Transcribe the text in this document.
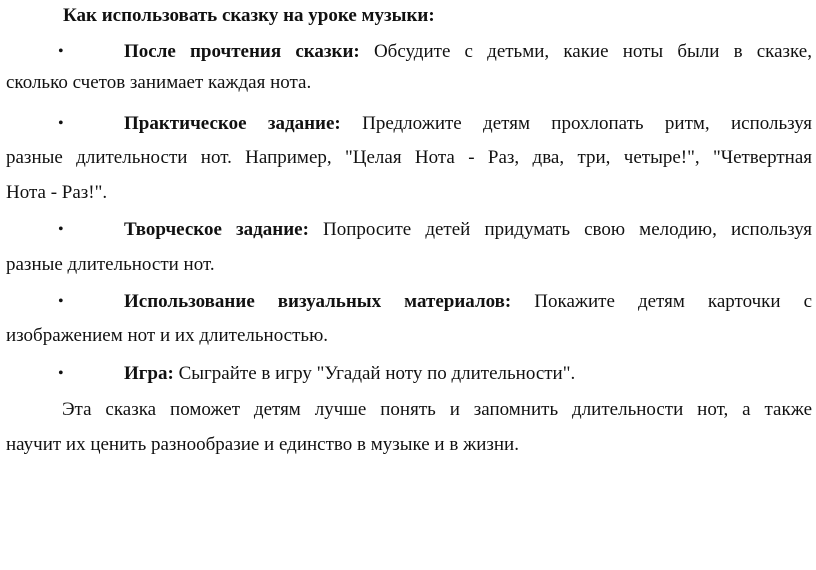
Как использовать сказку на уроке музыки:
•	После прочтения сказки: Обсудите с детьми, какие ноты были в сказке,
сколько счетов занимает каждая нота.
•	Практическое задание: Предложите детям прохлопать ритм, используя
разные длительности нот. Например, "Целая Нота - Раз, два, три, четыре!", "Четвертная
Нота - Раз!".
•	Творческое задание: Попросите детей придумать свою мелодию, используя
разные длительности нот.
•	Использование визуальных материалов: Покажите детям карточки с
изображением нот и их длительностью.
•	Игра: Сыграйте в игру "Угадай ноту по длительности".
Эта сказка поможет детям лучше понять и запомнить длительности нот, а также
научит их ценить разнообразие и единство в музыке и в жизни.
